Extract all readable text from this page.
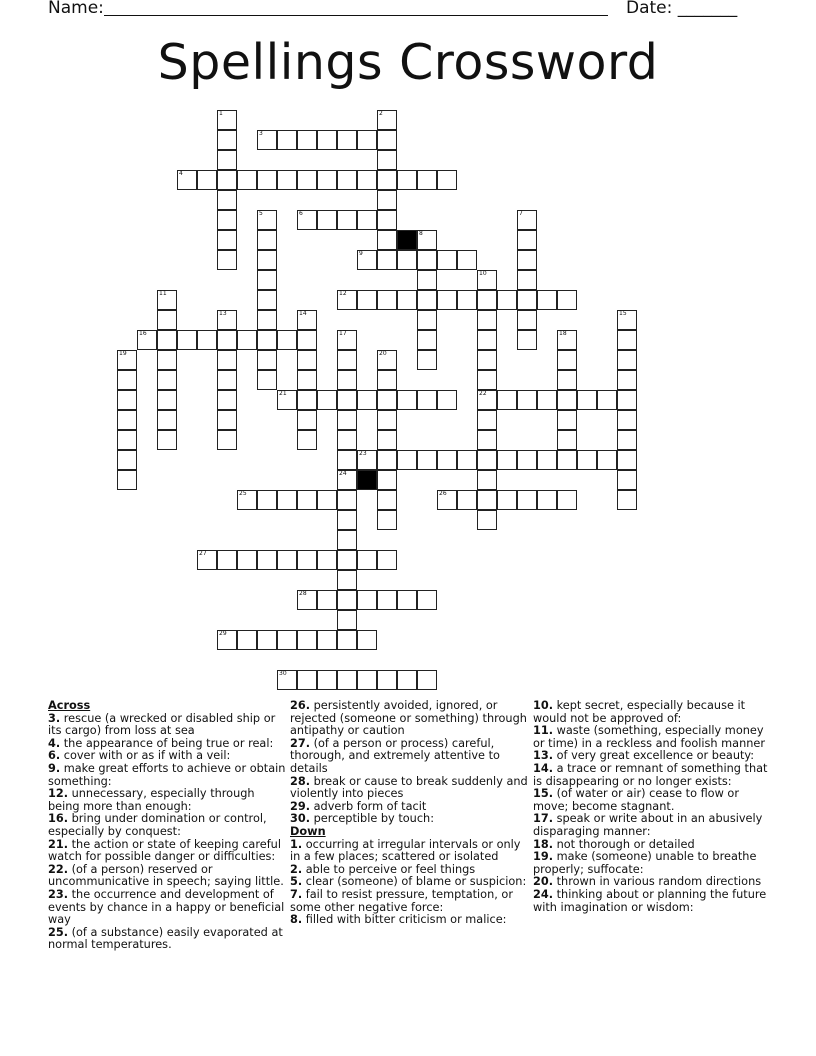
Name:	Date: _______
Spellings Crossword
1	2
3
4
5	6	7
8
9
10
22
11	12
13	14	15
16	17
24
18
19	20
21
23
25	26
27
28
29
30
Across
3. rescue (a wrecked or disabled ship or its cargo) from loss at sea
4. the appearance of being true or real:
6. cover with or as if with a veil:
9. make great efforts to achieve or obtain something:
12. unnecessary, especially through being more than enough:
16. bring under domination or control, especially by conquest:
21. the action or state of keeping careful watch for possible danger or difficulties:
22. (of a person) reserved or uncommunicative in speech; saying little.
23. the occurrence and development of events by chance in a happy or beneficial way
25. (of a substance) easily evaporated at normal temperatures.
26. persistently avoided, ignored, or rejected (someone or something) through antipathy or caution
27. (of a person or process) careful, thorough, and extremely attentive to details
28. break or cause to break suddenly and violently into pieces
29. adverb form of tacit
30. perceptible by touch:
Down
1. occurring at irregular intervals or only in a few places; scattered or isolated
2. able to perceive or feel things
5. clear (someone) of blame or suspicion:
7. fail to resist pressure, temptation, or some other negative force:
8. filled with bitter criticism or malice:
10. kept secret, especially because it would not be approved of:
11. waste (something, especially money or time) in a reckless and foolish manner
13. of very great excellence or beauty:
14. a trace or remnant of something that is disappearing or no longer exists:
15. (of water or air) cease to flow or move; become stagnant.
17. speak or write about in an abusively disparaging manner:
18. not thorough or detailed
19. make (someone) unable to breathe properly; suffocate:
20. thrown in various random directions
24. thinking about or planning the future with imagination or wisdom:
